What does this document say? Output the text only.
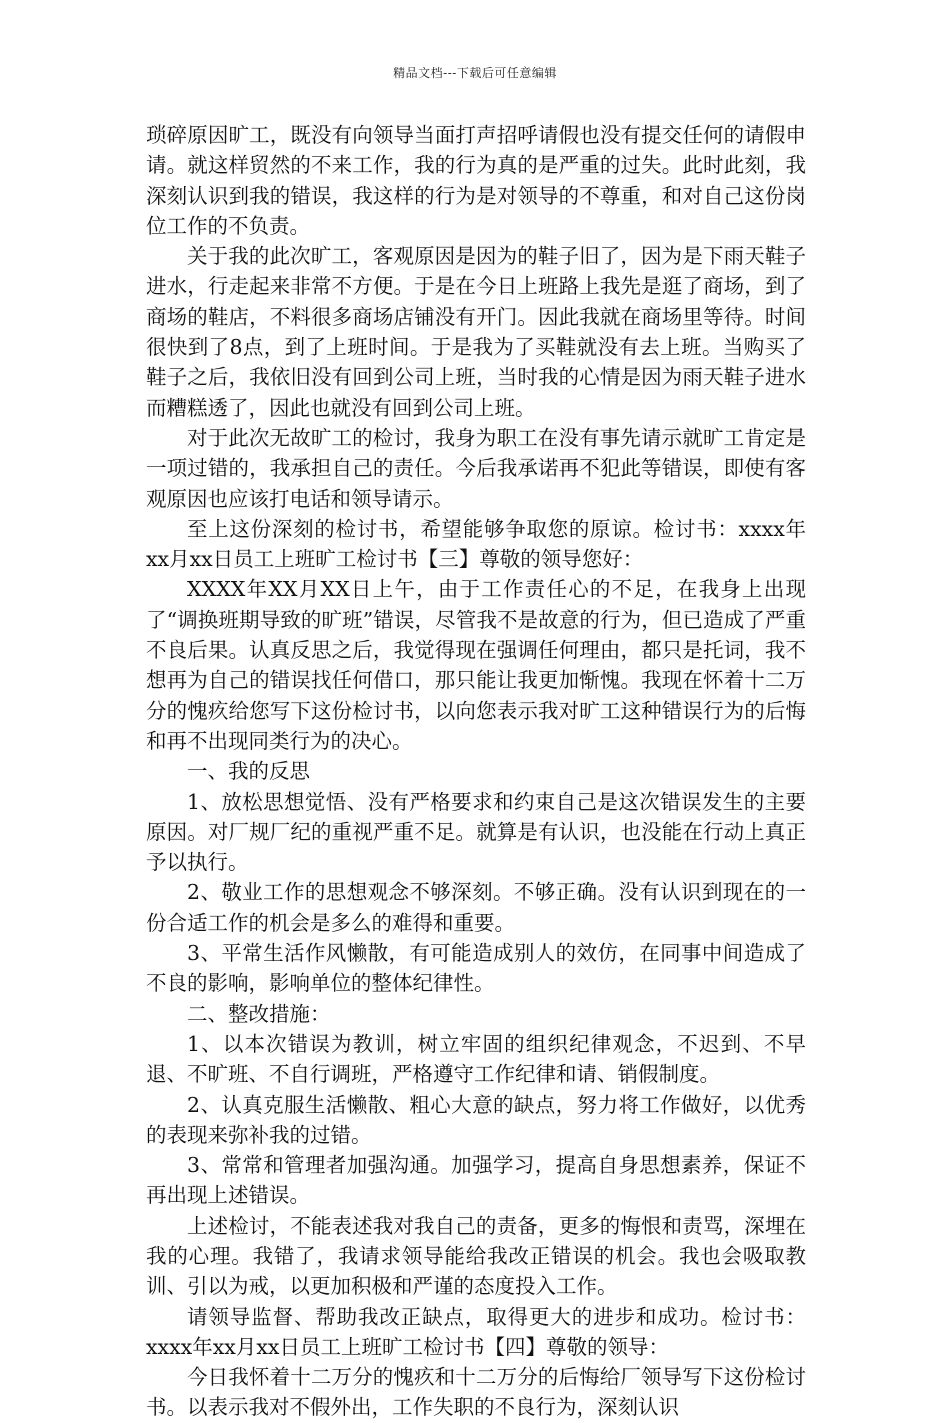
精品文档---下载后可任意编辑

琐碎原因旷工，既没有向领导当面打声招呼请假也没有提交任何的请假申请。就这样贸然的不来工作，我的行为真的是严重的过失。此时此刻，我深刻认识到我的错误，我这样的行为是对领导的不尊重，和对自己这份岗位工作的不负责。

关于我的此次旷工，客观原因是因为的鞋子旧了，因为是下雨天鞋子进水，行走起来非常不方便。于是在今日上班路上我先是逛了商场，到了商场的鞋店，不料很多商场店铺没有开门。因此我就在商场里等待。时间很快到了8点，到了上班时间。于是我为了买鞋就没有去上班。当购买了鞋子之后，我依旧没有回到公司上班，当时我的心情是因为雨天鞋子进水而糟糕透了，因此也就没有回到公司上班。

对于此次无故旷工的检讨，我身为职工在没有事先请示就旷工肯定是一项过错的，我承担自己的责任。今后我承诺再不犯此等错误，即使有客观原因也应该打电话和领导请示。

至上这份深刻的检讨书，希望能够争取您的原谅。检讨书：xxxx年xx月xx日员工上班旷工检讨书【三】尊敬的领导您好：

XXXX年XX月XX日上午，由于工作责任心的不足，在我身上出现了“调换班期导致的旷班”错误，尽管我不是故意的行为，但已造成了严重不良后果。认真反思之后，我觉得现在强调任何理由，都只是托词，我不想再为自己的错误找任何借口，那只能让我更加惭愧。我现在怀着十二万分的愧疚给您写下这份检讨书，以向您表示我对旷工这种错误行为的后悔和再不出现同类行为的决心。

一、我的反思

1、放松思想觉悟、没有严格要求和约束自己是这次错误发生的主要原因。对厂规厂纪的重视严重不足。就算是有认识，也没能在行动上真正予以执行。

2、敬业工作的思想观念不够深刻。不够正确。没有认识到现在的一份合适工作的机会是多么的难得和重要。

3、平常生活作风懒散，有可能造成别人的效仿，在同事中间造成了不良的影响，影响单位的整体纪律性。

二、整改措施：

1、以本次错误为教训，树立牢固的组织纪律观念，不迟到、不早退、不旷班、不自行调班，严格遵守工作纪律和请、销假制度。

2、认真克服生活懒散、粗心大意的缺点，努力将工作做好，以优秀的表现来弥补我的过错。

3、常常和管理者加强沟通。加强学习，提高自身思想素养，保证不再出现上述错误。

上述检讨，不能表述我对我自己的责备，更多的悔恨和责骂，深埋在我的心理。我错了，我请求领导能给我改正错误的机会。我也会吸取教训、引以为戒，以更加积极和严谨的态度投入工作。

请领导监督、帮助我改正缺点，取得更大的进步和成功。检讨书：xxxx年xx月xx日员工上班旷工检讨书【四】尊敬的领导：

今日我怀着十二万分的愧疚和十二万分的后悔给厂领导写下这份检讨书。以表示我对不假外出，工作失职的不良行为，深刻认识
